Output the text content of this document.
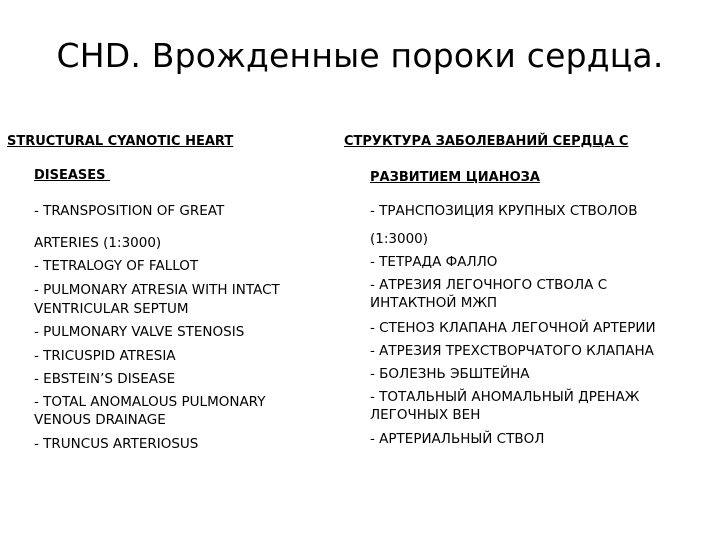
CHD. Врожденные пороки сердца.
STRUCTURAL CYANOTIC HEART
DISEASES
- TRANSPOSITION OF GREAT
ARTERIES (1:3000)
- TETRALOGY OF FALLOT
- PULMONARY ATRESIA WITH INTACT
VENTRICULAR SEPTUM
- PULMONARY VALVE STENOSIS
- TRICUSPID ATRESIA
- EBSTEIN’S DISEASE
- TOTAL ANOMALOUS PULMONARY
VENOUS DRAINAGE
- TRUNCUS ARTERIOSUS
СТРУКТУРА ЗАБОЛЕВАНИЙ СЕРДЦА С
РАЗВИТИЕМ ЦИАНОЗА
- ТРАНСПОЗИЦИЯ КРУПНЫХ СТВОЛОВ
(1:3000)
- ТЕТРАДА ФАЛЛО
- АТРЕЗИЯ ЛЕГОЧНОГО СТВОЛА С
ИНТАКТНОЙ МЖП
- СТЕНОЗ КЛАПАНА ЛЕГОЧНОЙ АРТЕРИИ
- АТРЕЗИЯ ТРЕХСТВОРЧАТОГО КЛАПАНА
- БОЛЕЗНЬ ЭБШТЕЙНА
- ТОТАЛЬНЫЙ АНОМАЛЬНЫЙ ДРЕНАЖ
ЛЕГОЧНЫХ ВЕН
- АРТЕРИАЛЬНЫЙ СТВОЛ
